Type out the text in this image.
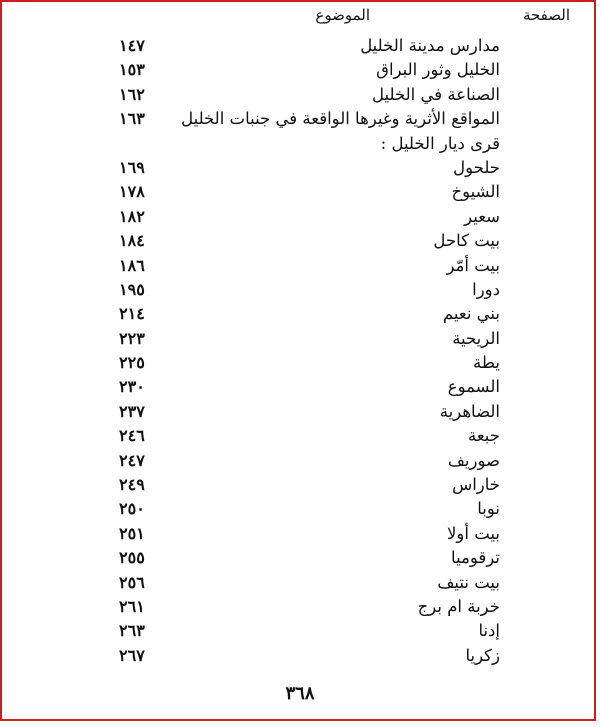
الموضوع	الصفحة
مدارس مدينة الخليل
١٤٧
الخليل وثور البراق
١٥٣
الصناعة في الخليل
١٦٢
المواقع الأثرية وغيرها الواقعة في جنبات الخليل
١٦٣
قرى ديار الخليل :
حلحول
١٦٩
الشيوخ
١٧٨
سعير
١٨٢
بيت كاحل
١٨٤
بيت أمّر
١٨٦
دورا
١٩٥
بني نعيم
٢١٤
الريحية
٢٢٣
يطة
٢٢٥
السموع
٢٣٠
الضاهرية
٢٣٧
جبعة
٢٤٦
صوريف
٢٤٧
خاراس
٢٤٩
نوبا
٢٥٠
بيت أولا
٢٥١
ترقوميا
٢٥٥
بيت نتيف
٢٥٦
خربة ام برج
٢٦١
إدنا
٢٦٣
زكريا
٢٦٧
٣٦٨
